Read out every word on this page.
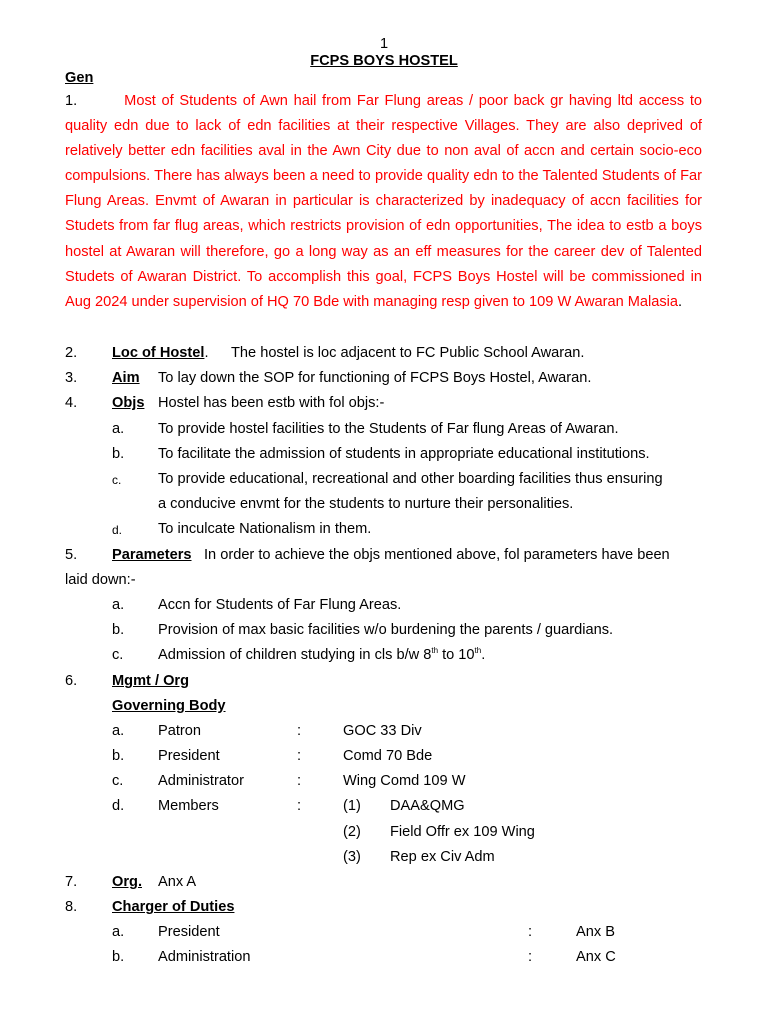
1
FCPS BOYS HOSTEL
Gen
1.	Most of Students of Awn hail from Far Flung areas / poor back gr having ltd access to quality edn due to lack of edn facilities at their respective Villages. They are also deprived of relatively better edn facilities aval in the Awn City due to non aval of accn and certain socio-eco compulsions. There has always been a need to provide quality edn to the Talented Students of Far Flung Areas. Envmt of Awaran in particular is characterized by inadequacy of accn facilities for Studets from far flug areas, which restricts provision of edn opportunities, The idea to estb a boys hostel at Awaran will therefore, go a long way as an eff measures for the career dev of Talented Studets of Awaran District. To accomplish this goal, FCPS Boys Hostel will be commissioned in Aug 2024 under supervision of HQ 70 Bde with managing resp given to 109 W Awaran Malasia.
2. Loc of Hostel. The hostel is loc adjacent to FC Public School Awaran.
3. Aim To lay down the SOP for functioning of FCPS Boys Hostel, Awaran.
4. Objs Hostel has been estb with fol objs:-
a. To provide hostel facilities to the Students of Far flung Areas of Awaran.
b. To facilitate the admission of students in appropriate educational institutions.
c.	To provide educational, recreational and other boarding facilities thus ensuring
a conducive envmt for the students to nurture their personalities.
d. To inculcate Nationalism in them.
5. Parameters In order to achieve the objs mentioned above, fol parameters have been
laid down:-
a. Accn for Students of Far Flung Areas.
b. Provision of max basic facilities w/o burdening the parents / guardians.
c. Admission of children studying in cls b/w 8th to 10th.
6. Mgmt / Org
Governing Body
a. Patron	:	GOC 33 Div
b. President	:	Comd 70 Bde
c. Administrator	:	Wing Comd 109 W
d. Members	:	(1) DAA&QMG
(2) Field Offr ex 109 Wing
(3) Rep ex Civ Adm
7. Org. Anx A
8. Charger of Duties
a. President	:	Anx B
b. Administration	:	Anx C
